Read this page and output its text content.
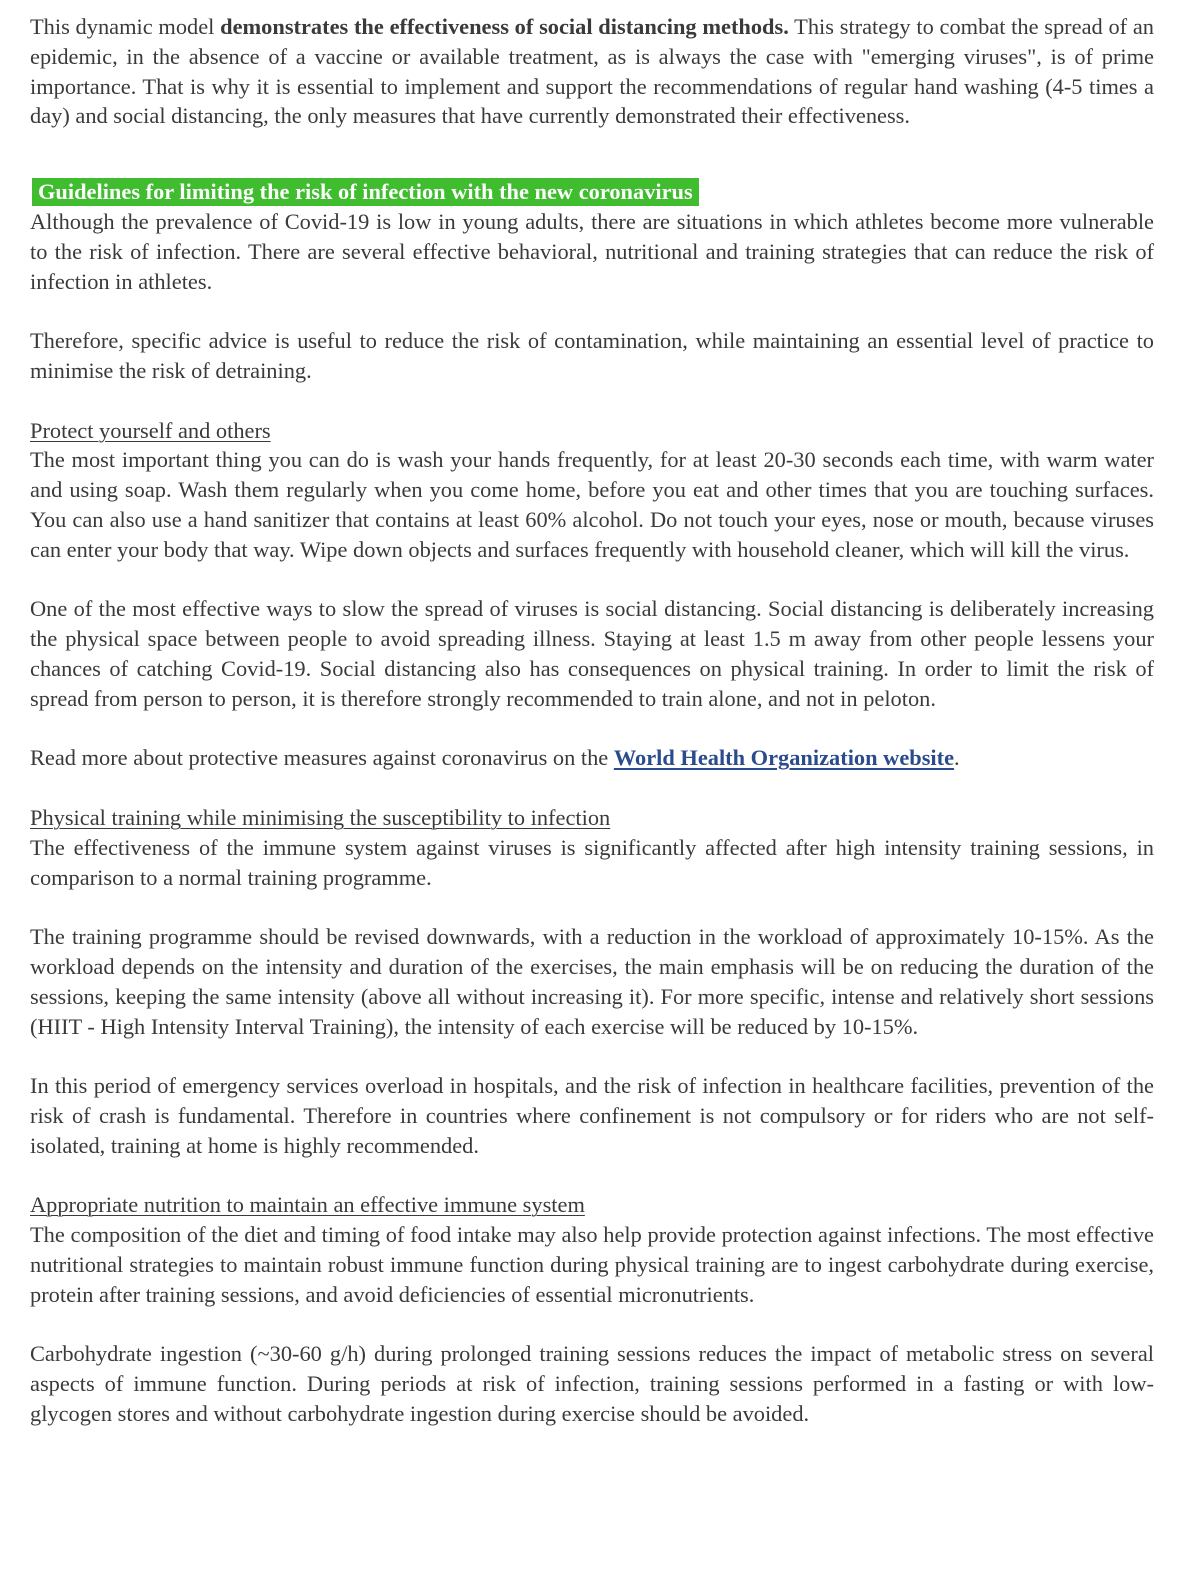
This dynamic model demonstrates the effectiveness of social distancing methods. This strategy to combat the spread of an epidemic, in the absence of a vaccine or available treatment, as is always the case with "emerging viruses", is of prime importance. That is why it is essential to implement and support the recommendations of regular hand washing (4-5 times a day) and social distancing, the only measures that have currently demonstrated their effectiveness.

Guidelines for limiting the risk of infection with the new coronavirus

Although the prevalence of Covid-19 is low in young adults, there are situations in which athletes become more vulnerable to the risk of infection. There are several effective behavioral, nutritional and training strategies that can reduce the risk of infection in athletes.

Therefore, specific advice is useful to reduce the risk of contamination, while maintaining an essential level of practice to minimise the risk of detraining.

Protect yourself and others

The most important thing you can do is wash your hands frequently, for at least 20-30 seconds each time, with warm water and using soap. Wash them regularly when you come home, before you eat and other times that you are touching surfaces. You can also use a hand sanitizer that contains at least 60% alcohol. Do not touch your eyes, nose or mouth, because viruses can enter your body that way. Wipe down objects and surfaces frequently with household cleaner, which will kill the virus.

One of the most effective ways to slow the spread of viruses is social distancing. Social distancing is deliberately increasing the physical space between people to avoid spreading illness. Staying at least 1.5 m away from other people lessens your chances of catching Covid-19. Social distancing also has consequences on physical training. In order to limit the risk of spread from person to person, it is therefore strongly recommended to train alone, and not in peloton.

Read more about protective measures against coronavirus on the World Health Organization website.

Physical training while minimising the susceptibility to infection

The effectiveness of the immune system against viruses is significantly affected after high intensity training sessions, in comparison to a normal training programme.

The training programme should be revised downwards, with a reduction in the workload of approximately 10-15%. As the workload depends on the intensity and duration of the exercises, the main emphasis will be on reducing the duration of the sessions, keeping the same intensity (above all without increasing it). For more specific, intense and relatively short sessions (HIIT - High Intensity Interval Training), the intensity of each exercise will be reduced by 10-15%.

In this period of emergency services overload in hospitals, and the risk of infection in healthcare facilities, prevention of the risk of crash is fundamental. Therefore in countries where confinement is not compulsory or for riders who are not self-isolated, training at home is highly recommended.

Appropriate nutrition to maintain an effective immune system

The composition of the diet and timing of food intake may also help provide protection against infections. The most effective nutritional strategies to maintain robust immune function during physical training are to ingest carbohydrate during exercise, protein after training sessions, and avoid deficiencies of essential micronutrients.

Carbohydrate ingestion (~30-60 g/h) during prolonged training sessions reduces the impact of metabolic stress on several aspects of immune function. During periods at risk of infection, training sessions performed in a fasting or with low-glycogen stores and without carbohydrate ingestion during exercise should be avoided.
